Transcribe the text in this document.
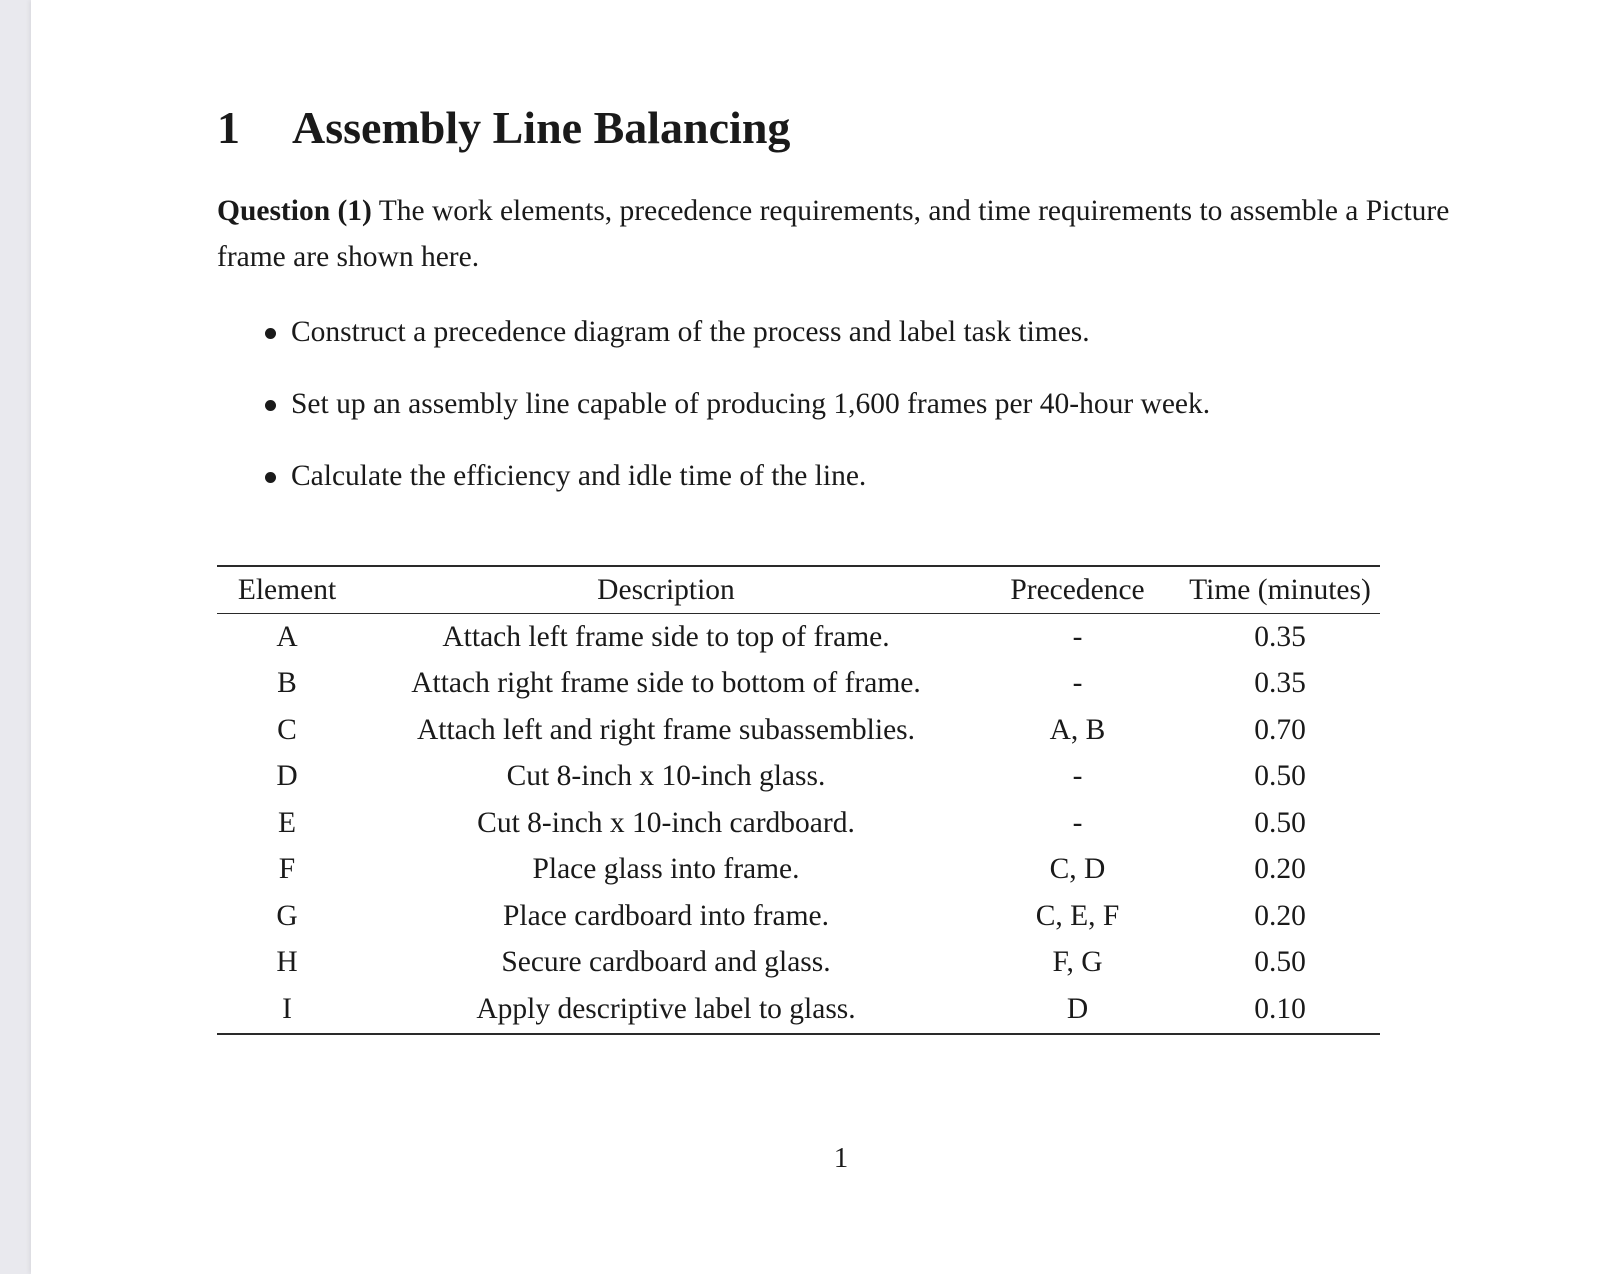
1 Assembly Line Balancing
Question (1) The work elements, precedence requirements, and time requirements to assemble a Picture frame are shown here.
Construct a precedence diagram of the process and label task times.
Set up an assembly line capable of producing 1,600 frames per 40-hour week.
Calculate the efficiency and idle time of the line.
Element	Description	Precedence	Time (minutes)
A	Attach left frame side to top of frame.	-	0.35
B	Attach right frame side to bottom of frame.	-	0.35
C	Attach left and right frame subassemblies.	A, B	0.70
D	Cut 8-inch x 10-inch glass.	-	0.50
E	Cut 8-inch x 10-inch cardboard.	-	0.50
F	Place glass into frame.	C, D	0.20
G	Place cardboard into frame.	C, E, F	0.20
H	Secure cardboard and glass.	F, G	0.50
I	Apply descriptive label to glass.	D	0.10
1
